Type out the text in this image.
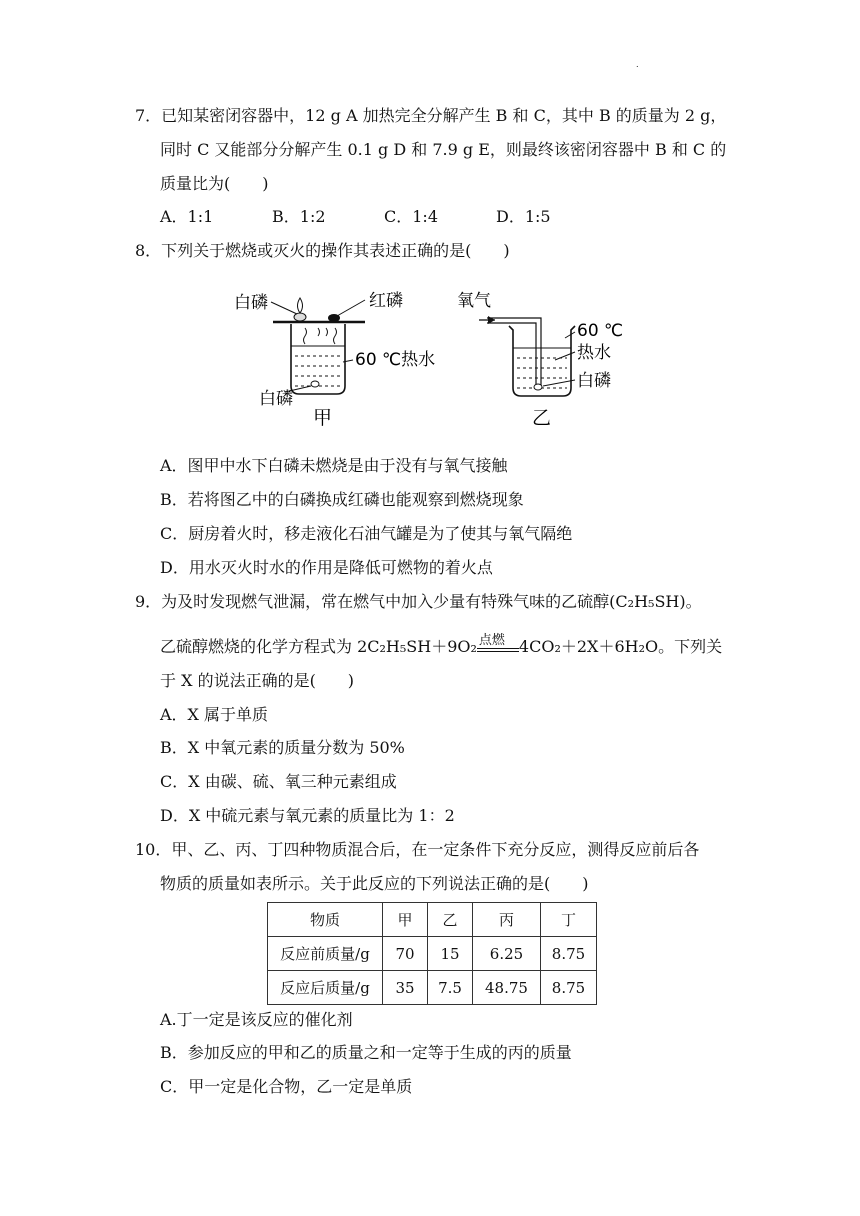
.
7．已知某密闭容器中，12 g A 加热完全分解产生 B 和 C，其中 B 的质量为 2 g，
同时 C 又能部分分解产生 0.1 g D 和 7.9 g E，则最终该密闭容器中 B 和 C 的
质量比为(　　)
A．1:1	B．1:2	C．1:4	D．1:5
8．下列关于燃烧或灭火的操作其表述正确的是(　　)
白磷	红磷
60 ℃热水
白磷
甲
氧气
60 ℃
热水
白磷
乙
A．图甲中水下白磷未燃烧是由于没有与氧气接触
B．若将图乙中的白磷换成红磷也能观察到燃烧现象
C．厨房着火时，移走液化石油气罐是为了使其与氧气隔绝
D．用水灭火时水的作用是降低可燃物的着火点
9．为及时发现燃气泄漏，常在燃气中加入少量有特殊气味的乙硫醇(C₂H₅SH)。
乙硫醇燃烧的化学方程式为 2C₂H₅SH＋9O₂ 点燃 4CO₂＋2X＋6H₂O。下列关
于 X 的说法正确的是(　　)
A．X 属于单质
B．X 中氧元素的质量分数为 50%
C．X 由碳、硫、氧三种元素组成
D．X 中硫元素与氧元素的质量比为 1：2
10．甲、乙、丙、丁四种物质混合后，在一定条件下充分反应，测得反应前后各
物质的质量如表所示。关于此反应的下列说法正确的是(　　)
物质	甲	乙	丙	丁
反应前质量/g	70	15	6.25	8.75
反应后质量/g	35	7.5	48.75	8.75
A.丁一定是该反应的催化剂
B．参加反应的甲和乙的质量之和一定等于生成的丙的质量
C．甲一定是化合物，乙一定是单质
